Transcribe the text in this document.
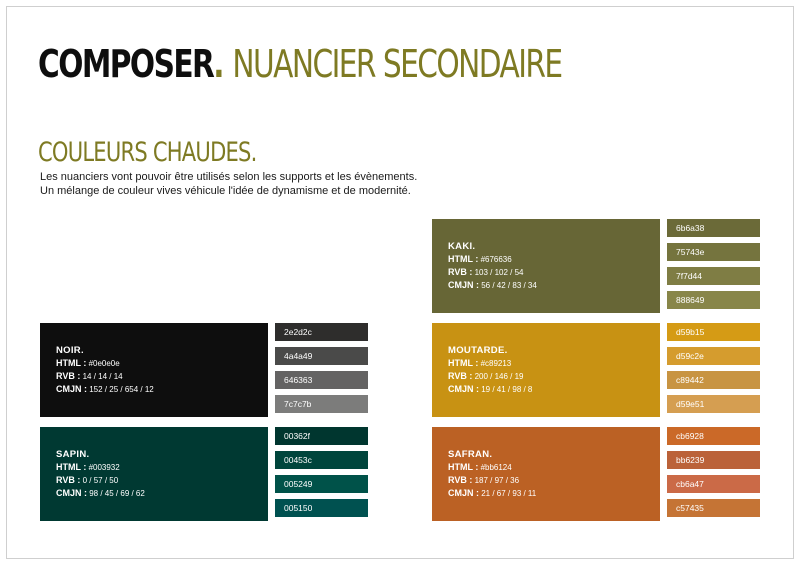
COMPOSER . NUANCIER SECONDAIRE
COULEURS CHAUDES.

Les nuanciers vont pouvoir être utilisés selon les supports et les évènements.

Un mélange de couleur vives véhicule l'idée de dynamisme et de modernité.

KAKI.
HTML : #676636
RVB : 103 / 102 / 54
CMJN : 56 / 42 / 83 / 34
6b6a38
75743e
7f7d44
888649
NOIR.
HTML : #0e0e0e
RVB : 14 / 14 / 14
CMJN : 152 / 25 / 654 / 12
2e2d2c
4a4a49
646363
7c7c7b
MOUTARDE.
HTML : #c89213
RVB : 200 / 146 / 19
CMJN : 19 / 41 / 98 / 8
d59b15
d59c2e
c89442
d59e51
SAPIN.
HTML : #003932
RVB : 0 / 57 / 50
CMJN : 98 / 45 / 69 / 62
00362f
00453c
005249
005150
SAFRAN.
HTML : #bb6124
RVB : 187 / 97 / 36
CMJN : 21 / 67 / 93 / 11
cb6928
bb6239
cb6a47
c57435
